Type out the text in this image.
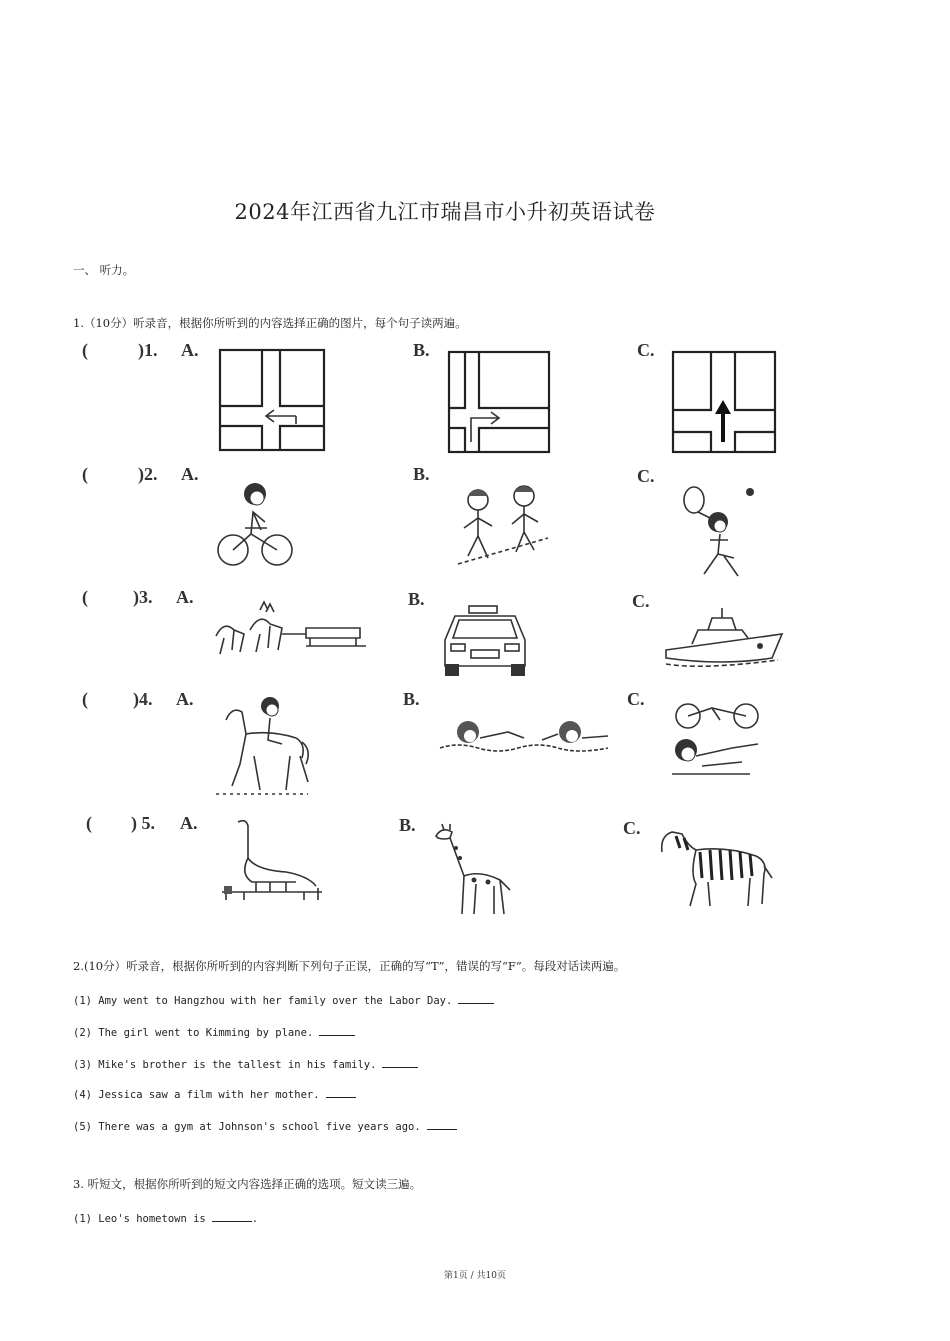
2024年江西省九江市瑞昌市小升初英语试卷
一、 听力。
1.（10分）听录音，根据你所听到的内容选择正确的图片，每个句子读两遍。
(	)1. A.	B.	C.
(	)2. A.	B.	C.
(	)3. A.	B.	C.
(	)4. A.	B.	C.
( ) 5. A.	B.	C.
2.(10分）听录音，根据你所听到的内容判断下列句子正误，正确的写“T”，错误的写“F”。每段对话读两遍。
(1) Amy went to Hangzhou with her family over the Labor Day.
(2) The girl went to Kimming by plane.
(3) Mike's brother is the tallest in his family.
(4) Jessica saw a film with her mother.
(5) There was a gym at Johnson's school five years ago.
3. 听短文，根据你所听到的短文内容选择正确的选项。短文读三遍。
(1) Leo's hometown is	.
第1页 / 共10页
